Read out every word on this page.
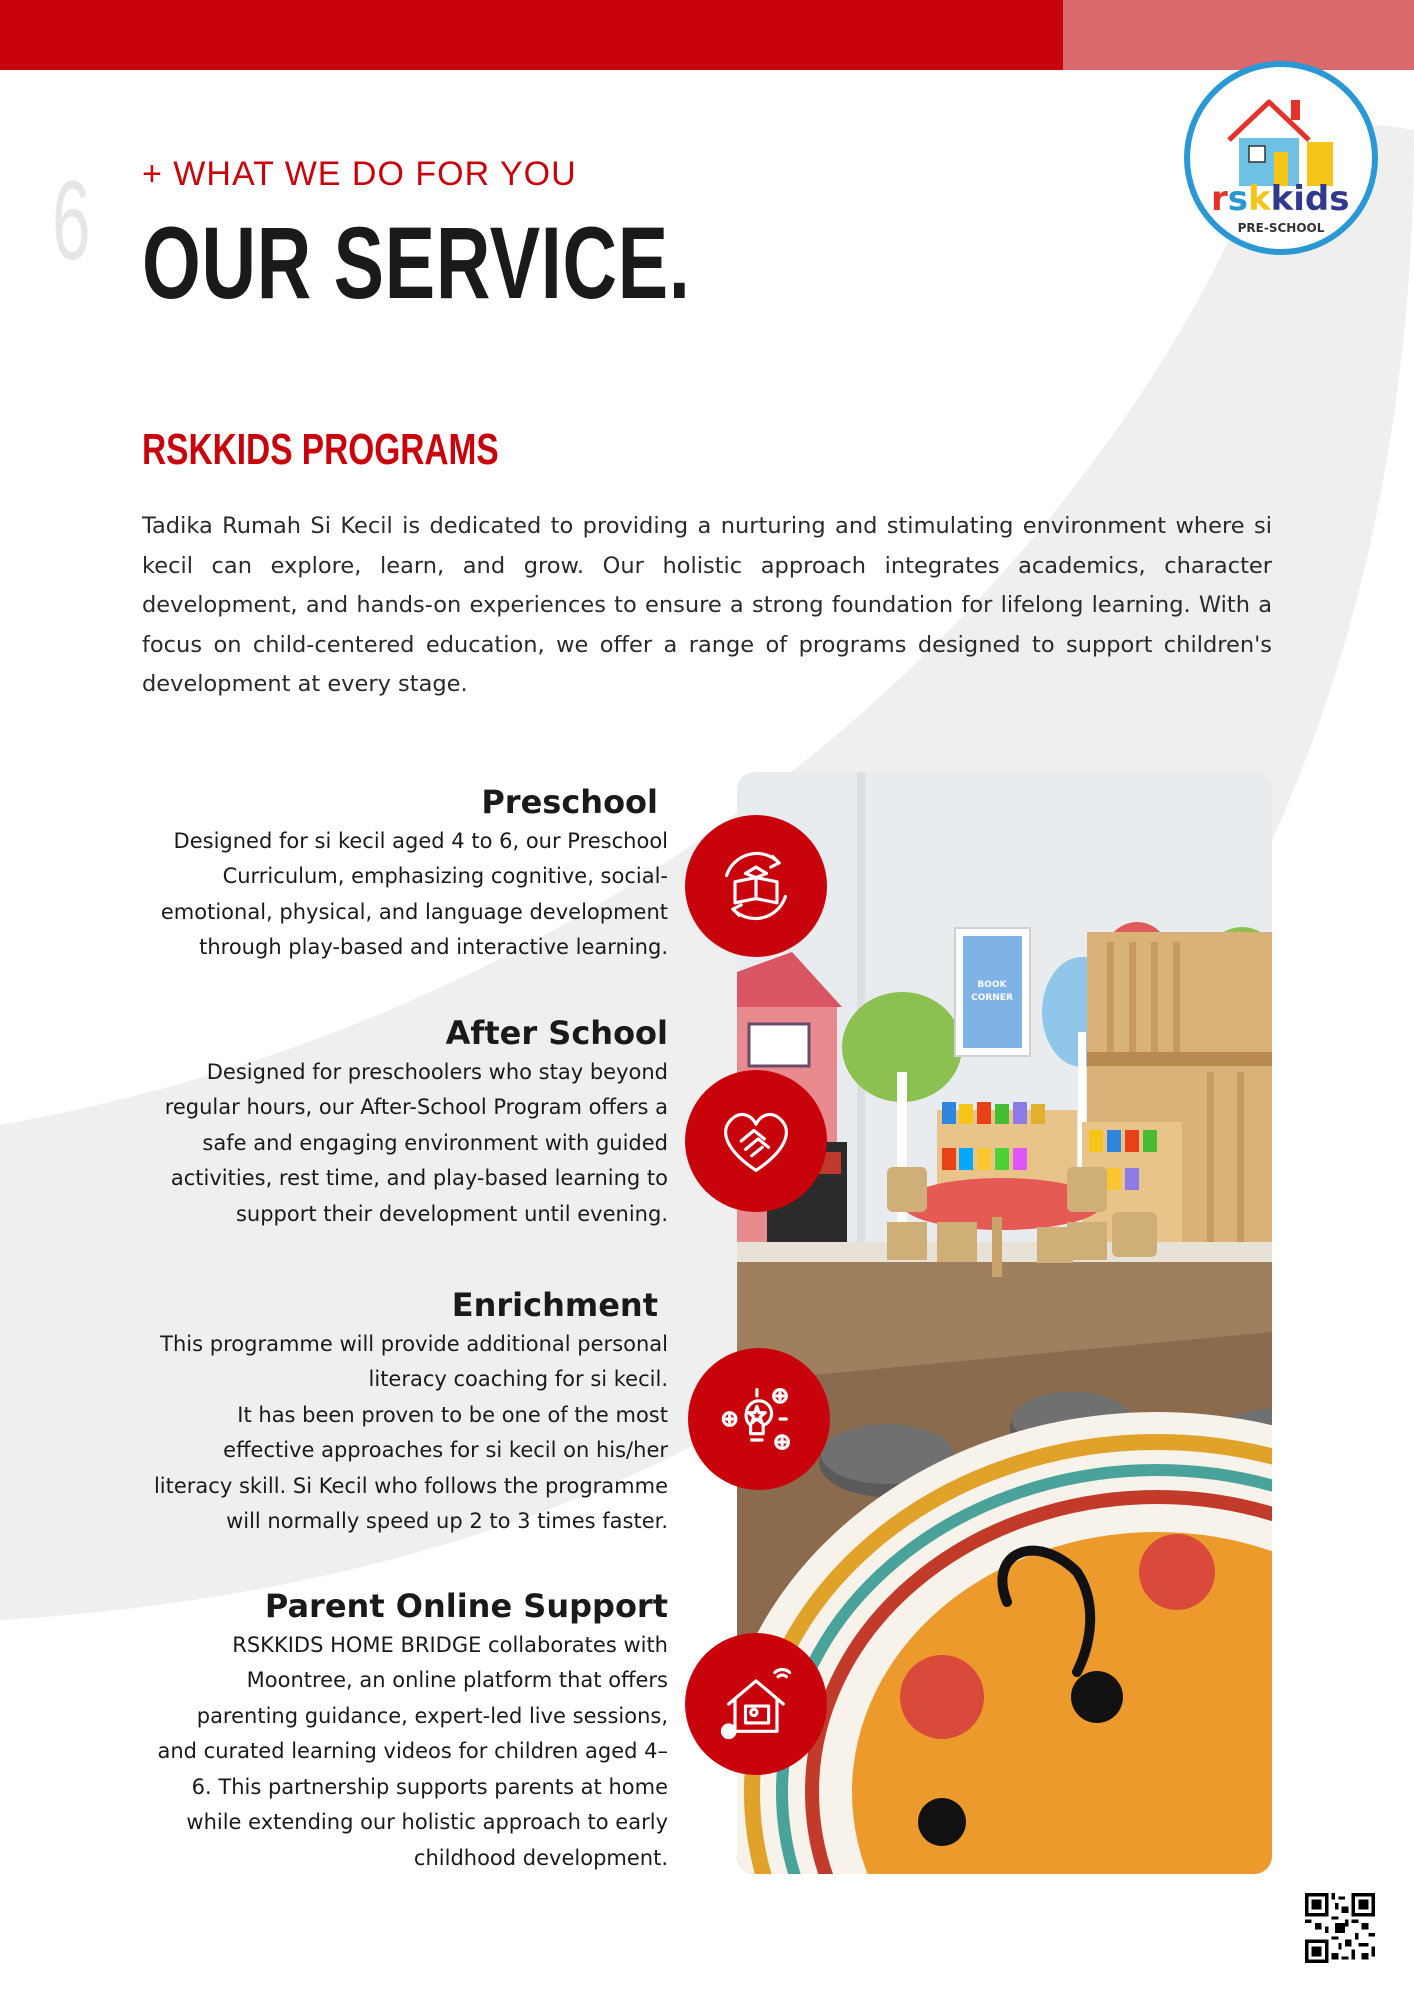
rskkids
PRE-SCHOOL
6 + WHAT WE DO FOR YOU
OUR SERVICE.
RSKKIDS PROGRAMS
Tadika Rumah Si Kecil is dedicated to providing a nurturing and stimulating environment where si kecil can explore, learn, and grow. Our holistic approach integrates academics, character development, and hands-on experiences to ensure a strong foundation for lifelong learning. With a focus on child-centered education, we offer a range of programs designed to support children's development at every stage.
Preschool
Designed for si kecil aged 4 to 6, our Preschool
Curriculum, emphasizing cognitive, social-
emotional, physical, and language development
through play-based and interactive learning.
After School
Designed for preschoolers who stay beyond
regular hours, our After-School Program offers a
safe and engaging environment with guided
activities, rest time, and play-based learning to
support their development until evening.
Enrichment
This programme will provide additional personal
literacy coaching for si kecil.
It has been proven to be one of the most
effective approaches for si kecil on his/her
literacy skill. Si Kecil who follows the programme
will normally speed up 2 to 3 times faster.
Parent Online Support
RSKKIDS HOME BRIDGE collaborates with
Moontree, an online platform that offers
parenting guidance, expert-led live sessions,
and curated learning videos for children aged 4–
6. This partnership supports parents at home
while extending our holistic approach to early
childhood development.
BOOK
CORNER
